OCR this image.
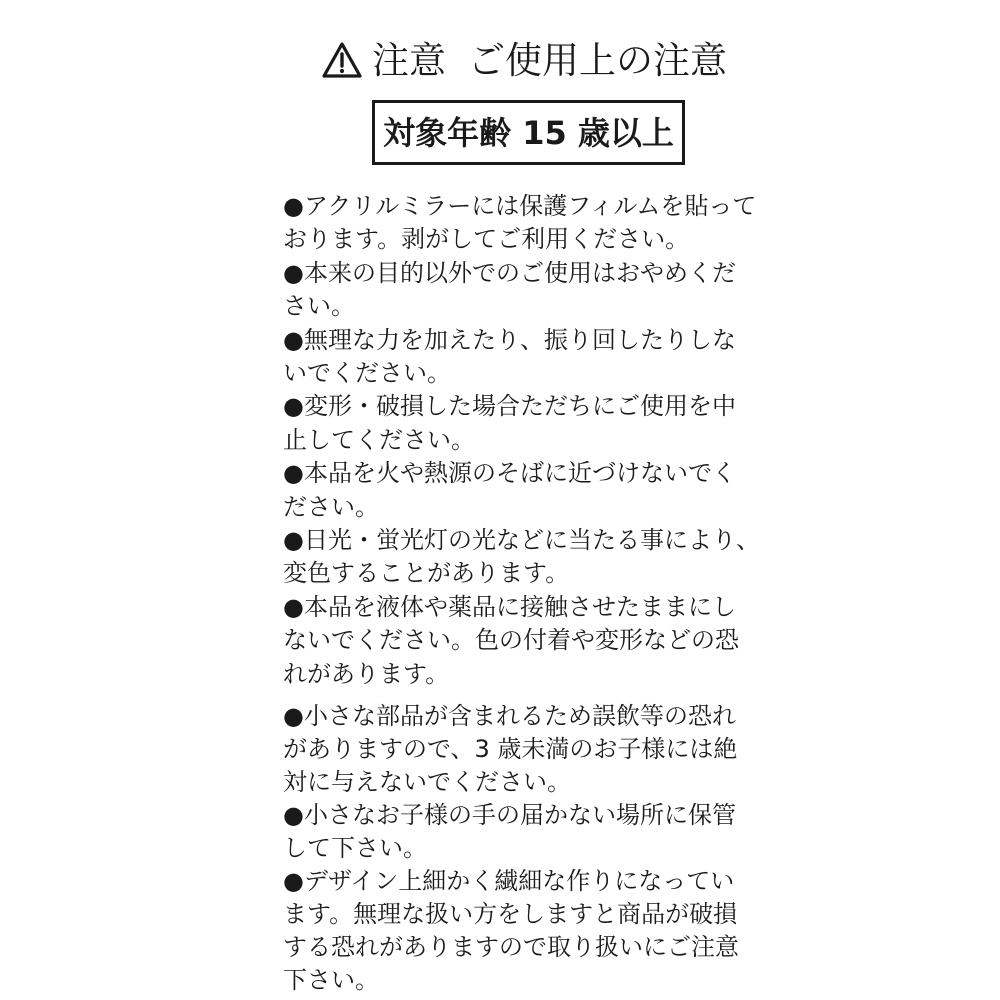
注意 ご使用上の注意
対象年齢 15 歳以上
●アクリルミラーには保護フィルムを貼って
おります。剥がしてご利用ください。
●本来の目的以外でのご使用はおやめくだ
さい。
●無理な力を加えたり、振り回したりしな
いでください。
●変形・破損した場合ただちにご使用を中
止してください。
●本品を火や熱源のそばに近づけないでく
ださい。
●日光・蛍光灯の光などに当たる事により、
変色することがあります。
●本品を液体や薬品に接触させたままにし
ないでください。色の付着や変形などの恐
れがあります。
●小さな部品が含まれるため誤飲等の恐れ
がありますので、3 歳未満のお子様には絶
対に与えないでください。
●小さなお子様の手の届かない場所に保管
して下さい。
●デザイン上細かく繊細な作りになってい
ます。無理な扱い方をしますと商品が破損
する恐れがありますので取り扱いにご注意
下さい。
